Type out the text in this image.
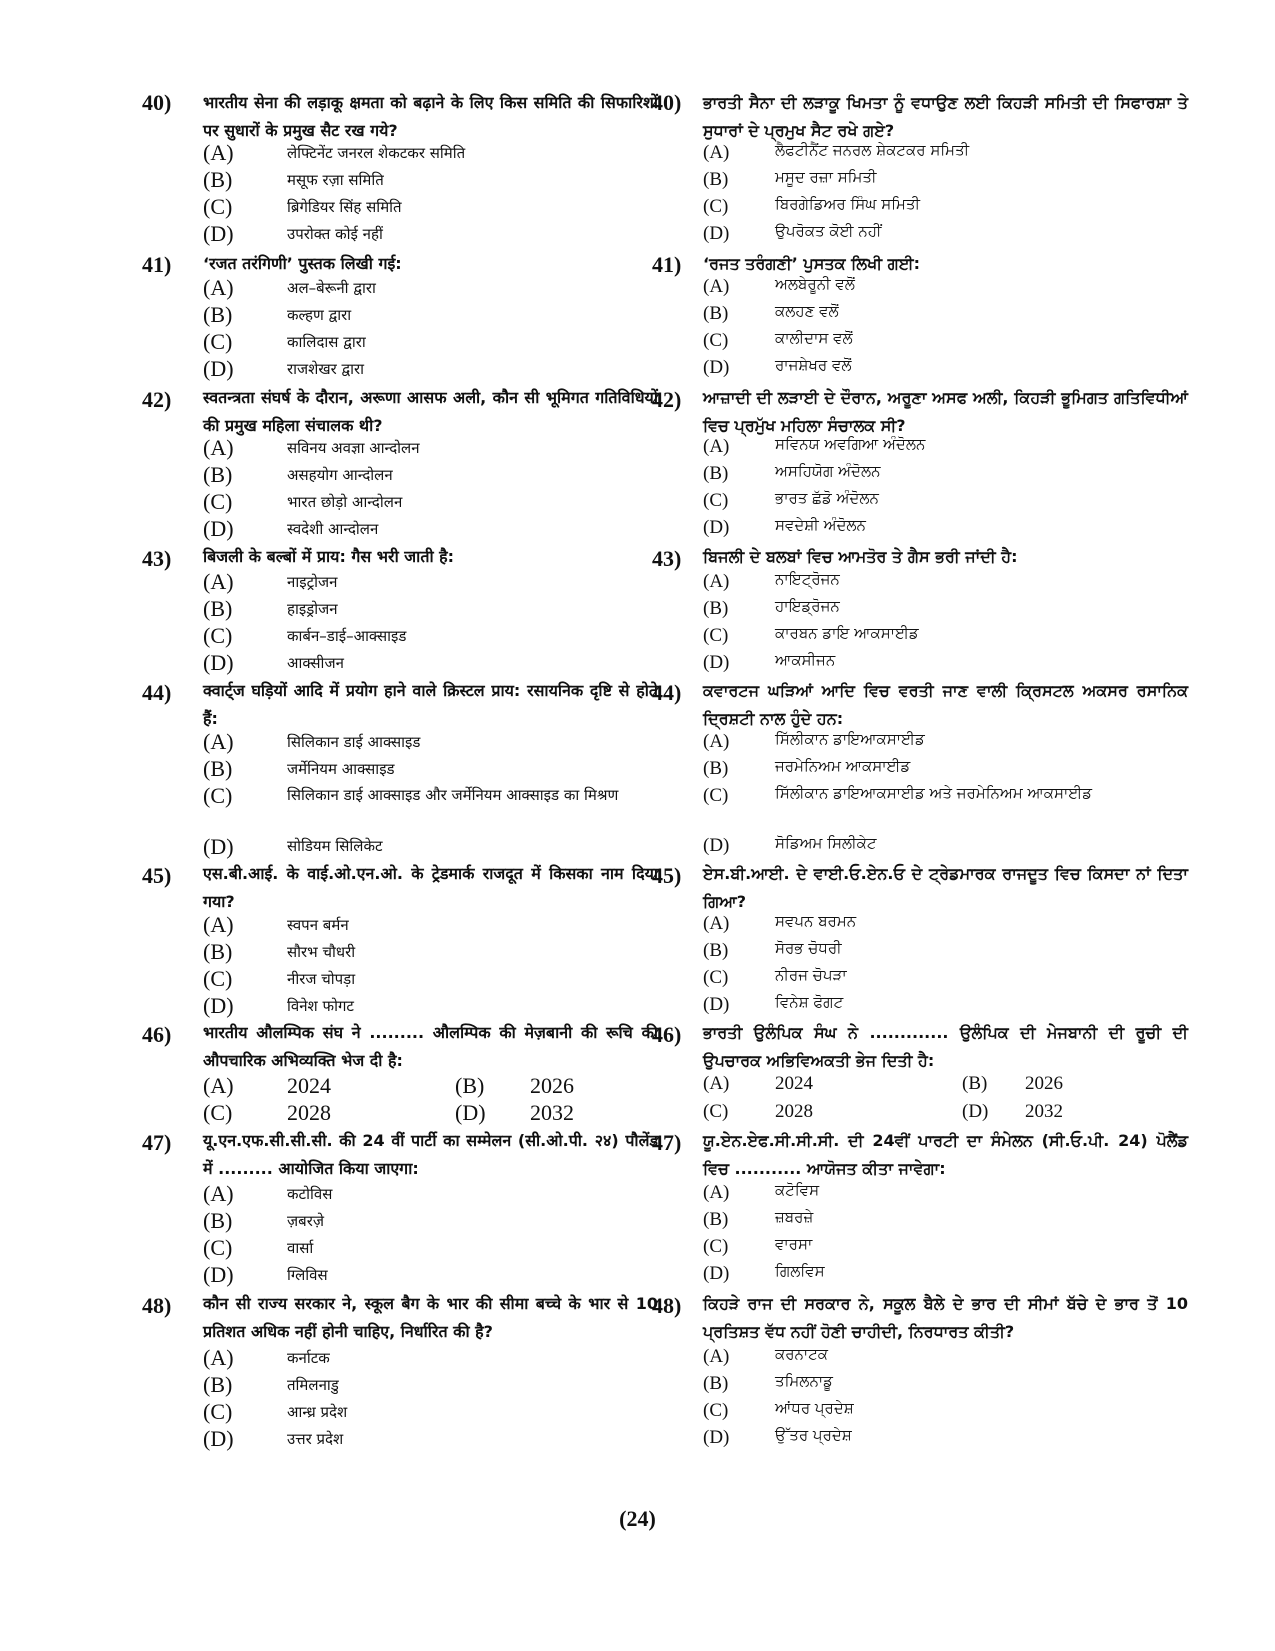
40) भारतीय सेना की लड़ाकू क्षमता को बढ़ाने के लिए किस समिति की सिफारिशों पर सुधारों के प्रमुख सैट रख गये?
(A)	लेफ्टिनेंट जनरल शेकटकर समिति
(B)	मसूफ रज़ा समिति
(C)	ब्रिगेडियर सिंह समिति
(D)	उपरोक्त कोई नहीं
40) ਭਾਰਤੀ ਸੈਨਾ ਦੀ ਲੜਾਕੂ ਖਿਮਤਾ ਨੂੰ ਵਧਾਉਣ ਲਈ ਕਿਹੜੀ ਸਮਿਤੀ ਦੀ ਸਿਫਾਰਸ਼ਾ ਤੇ ਸੁਧਾਰਾਂ ਦੇ ਪ੍ਰਮੁਖ ਸੈਟ ਰਖੇ ਗਏ?
(A)	ਲੈਫਟੀਨੈਂਟ ਜਨਰਲ ਸ਼ੇਕਟਕਰ ਸਮਿਤੀ
(B)	ਮਸੂਦ ਰਜ਼ਾ ਸਮਿਤੀ
(C)	ਬਿਰਗੇਡਿਅਰ ਸਿੰਘ ਸਮਿਤੀ
(D)	ਉਪਰੋਕਤ ਕੋਈ ਨਹੀਂ
41) ‘रजत तरंगिणी’ पुस्तक लिखी गई:
(A)	अल–बेरूनी द्वारा
(B)	कल्हण द्वारा
(C)	कालिदास द्वारा
(D)	राजशेखर द्वारा
41) ‘ਰਜਤ ਤਰੰਗਣੀ’ ਪੁਸਤਕ ਲਿਖੀ ਗਈ:
(A)	ਅਲਬੇਰੂਨੀ ਵਲੋਂ
(B)	ਕਲਹਣ ਵਲੋਂ
(C)	ਕਾਲੀਦਾਸ ਵਲੋਂ
(D)	ਰਾਜਸ਼ੇਖਰ ਵਲੋਂ
42) स्वतन्त्रता संघर्ष के दौरान, अरूणा आसफ अली, कौन सी भूमिगत गतिविधियों की प्रमुख महिला संचालक थी?
(A)	सविनय अवज्ञा आन्दोलन
(B)	असहयोग आन्दोलन
(C)	भारत छोड़ो आन्दोलन
(D)	स्वदेशी आन्दोलन
42) ਆਜ਼ਾਦੀ ਦੀ ਲੜਾਈ ਦੇ ਦੌਰਾਨ, ਅਰੂਣਾ ਅਸਫ ਅਲੀ, ਕਿਹੜੀ ਭੂਮਿਗਤ ਗਤਿਵਿਧੀਆਂ ਵਿਚ ਪ੍ਰਮੁੱਖ ਮਹਿਲਾ ਸੰਚਾਲਕ ਸੀ?
(A)	ਸਵਿਨਯ ਅਵਗਿਆ ਅੰਦੋਲਨ
(B)	ਅਸਹਿਯੋਗ ਅੰਦੋਲਨ
(C)	ਭਾਰਤ ਛੱਡੋ ਅੰਦੋਲਨ
(D)	ਸਵਦੇਸ਼ੀ ਅੰਦੋਲਨ
43) बिजली के बल्बों में प्राय: गैस भरी जाती है:
(A)	नाइट्रोजन
(B)	हाइड्रोजन
(C)	कार्बन–डाई–आक्साइड
(D)	आक्सीजन
43) ਬਿਜਲੀ ਦੇ ਬਲਬਾਂ ਵਿਚ ਆਮਤੋਰ ਤੇ ਗੈਸ ਭਰੀ ਜਾਂਦੀ ਹੈ:
(A)	ਨਾਇਟ੍ਰੋਜਨ
(B)	ਹਾਇਡ੍ਰੋਜਨ
(C)	ਕਾਰਬਨ ਡਾਇ ਆਕਸਾਈਡ
(D)	ਆਕਸੀਜਨ
44) क्वार्ट्ज घड़ियों आदि में प्रयोग हाने वाले क्रिस्टल प्राय: रसायनिक दृष्टि से होते हैं:
(A)	सिलिकान डाई आक्साइड
(B)	जर्मेनियम आक्साइड
(C)	सिलिकान डाई आक्साइड और जर्मेनियम आक्साइड का मिश्रण
(D)	सोडियम सिलिकेट
44) ਕਵਾਰਟਜ ਘੜਿਆਂ ਆਦਿ ਵਿਚ ਵਰਤੀ ਜਾਣ ਵਾਲੀ ਕ੍ਰਿਸਟਲ ਅਕਸਰ ਰਸਾਨਿਕ ਦ੍ਰਿਸ਼ਟੀ ਨਾਲ ਹੁੰਦੇ ਹਨ:
(A)	ਸਿੱਲੀਕਾਨ ਡਾਇਆਕਸਾਈਡ
(B)	ਜਰਮੇਨਿਅਮ ਆਕਸਾਈਡ
(C)	ਸਿੱਲੀਕਾਨ ਡਾਇਆਕਸਾਈਡ ਅਤੇ ਜਰਮੇਨਿਅਮ ਆਕਸਾਈਡ
(D)	ਸੋਡਿਅਮ ਸਿਲੀਕੇਟ
45) एस.बी.आई. के वाई.ओ.एन.ओ. के ट्रेडमार्क राजदूत में किसका नाम दिया गया?
(A)	स्वपन बर्मन
(B)	सौरभ चौधरी
(C)	नीरज चोपड़ा
(D)	विनेश फोगट
45) ਏਸ.ਬੀ.ਆਈ. ਦੇ ਵਾਈ.ਓ.ਏਨ.ਓ ਦੇ ਟ੍ਰੇਡਮਾਰਕ ਰਾਜਦੂਤ ਵਿਚ ਕਿਸਦਾ ਨਾਂ ਦਿਤਾ ਗਿਆ?
(A)	ਸਵਪਨ ਬਰਮਨ
(B)	ਸੋਰਭ ਚੋਧਰੀ
(C)	ਨੀਰਜ ਚੋਪੜਾ
(D)	ਵਿਨੇਸ਼ ਫੋਗਟ
46) भारतीय औलम्पिक संघ ने ......... औलम्पिक की मेज़बानी की रूचि की औपचारिक अभिव्यक्ति भेज दी है:
(A) 2024	(B) 2026
(C) 2028	(D) 2032
46) ਭਾਰਤੀ ਉਲੰਪਿਕ ਸੰਘ ਨੇ ............. ਉਲੰਪਿਕ ਦੀ ਮੇਜਬਾਨੀ ਦੀ ਰੂਚੀ ਦੀ ਉਪਚਾਰਕ ਅਭਿਵਿਅਕਤੀ ਭੇਜ ਦਿਤੀ ਹੈ:
(A) 2024	(B) 2026
(C) 2028	(D) 2032
47) यू.एन.एफ.सी.सी.सी. की 24 वीं पार्टी का सम्मेलन (सी.ओ.पी. २४) पौलेंड में ......... आयोजित किया जाएगा:
(A)	कटोविस
(B)	ज़बरज़े
(C)	वार्सा
(D)	ग्लिविस
47) ਯੂ.ਏਨ.ਏਫ.ਸੀ.ਸੀ.ਸੀ. ਦੀ 24ਵੀਂ ਪਾਰਟੀ ਦਾ ਸੰਮੇਲਨ (ਸੀ.ਓ.ਪੀ. 24) ਪੋਲੈਂਡ ਵਿਚ ........... ਆਯੋਜਤ ਕੀਤਾ ਜਾਵੇਗਾ:
(A)	ਕਟੋਵਿਸ
(B)	ਜ਼ਬਰਜ਼ੇ
(C)	ਵਾਰਸਾ
(D)	ਗਿਲਵਿਸ
48) कौन सी राज्य सरकार ने, स्कूल बैग के भार की सीमा बच्चे के भार से 10 प्रतिशत अधिक नहीं होनी चाहिए, निर्धारित की है?
(A)	कर्नाटक
(B)	तमिलनाडु
(C)	आन्ध्र प्रदेश
(D)	उत्तर प्रदेश
48) ਕਿਹੜੇ ਰਾਜ ਦੀ ਸਰਕਾਰ ਨੇ, ਸਕੂਲ ਬੈਲੇ ਦੇ ਭਾਰ ਦੀ ਸੀਮਾਂ ਬੱਚੇ ਦੇ ਭਾਰ ਤੋਂ 10 ਪ੍ਰਤਿਸ਼ਤ ਵੱਧ ਨਹੀਂ ਹੋਣੀ ਚਾਹੀਦੀ, ਨਿਰਧਾਰਤ ਕੀਤੀ?
(A)	ਕਰਨਾਟਕ
(B)	ਤਮਿਲਨਾਡੂ
(C)	ਆਂਧਰ ਪ੍ਰਦੇਸ਼
(D)	ਉੱਤਰ ਪ੍ਰਦੇਸ਼
(24)
